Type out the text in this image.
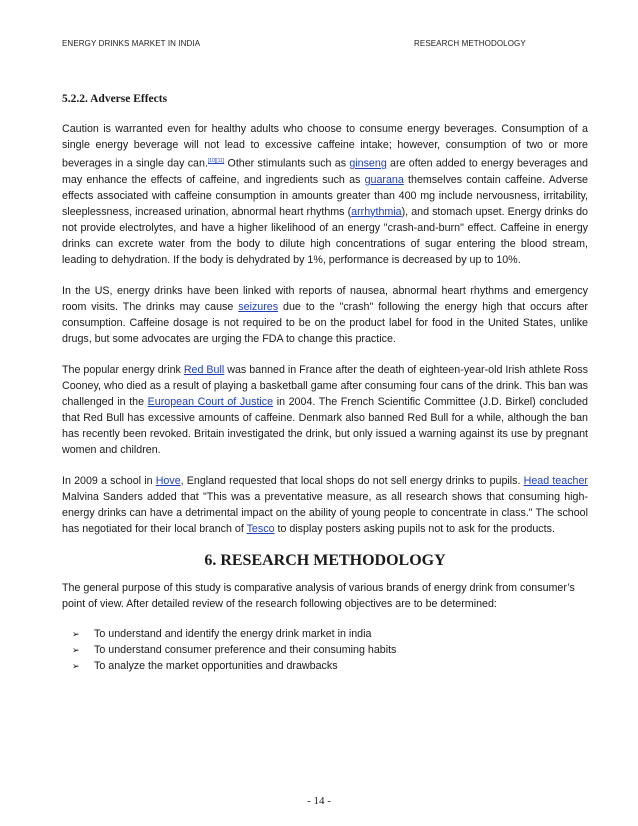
ENERGY DRINKS MARKET IN INDIA	RESEARCH METHODOLOGY
5.2.2. Adverse Effects

Caution is warranted even for healthy adults who choose to consume energy beverages. Consumption of a single energy beverage will not lead to excessive caffeine intake; however, consumption of two or more beverages in a single day can.[10][11] Other stimulants such as ginseng are often added to energy beverages and may enhance the effects of caffeine, and ingredients such as guarana themselves contain caffeine. Adverse effects associated with caffeine consumption in amounts greater than 400 mg include nervousness, irritability, sleeplessness, increased urination, abnormal heart rhythms (arrhythmia), and stomach upset. Energy drinks do not provide electrolytes, and have a higher likelihood of an energy "crash-and-burn" effect. Caffeine in energy drinks can excrete water from the body to dilute high concentrations of sugar entering the blood stream, leading to dehydration. If the body is dehydrated by 1%, performance is decreased by up to 10%.

In the US, energy drinks have been linked with reports of nausea, abnormal heart rhythms and emergency room visits. The drinks may cause seizures due to the "crash" following the energy high that occurs after consumption. Caffeine dosage is not required to be on the product label for food in the United States, unlike drugs, but some advocates are urging the FDA to change this practice.

The popular energy drink Red Bull was banned in France after the death of eighteen-year-old Irish athlete Ross Cooney, who died as a result of playing a basketball game after consuming four cans of the drink. This ban was challenged in the European Court of Justice in 2004. The French Scientific Committee (J.D. Birkel) concluded that Red Bull has excessive amounts of caffeine. Denmark also banned Red Bull for a while, although the ban has recently been revoked. Britain investigated the drink, but only issued a warning against its use by pregnant women and children.

In 2009 a school in Hove, England requested that local shops do not sell energy drinks to pupils. Head teacher Malvina Sanders added that "This was a preventative measure, as all research shows that consuming high-energy drinks can have a detrimental impact on the ability of young people to concentrate in class." The school has negotiated for their local branch of Tesco to display posters asking pupils not to ask for the products.

6. RESEARCH METHODOLOGY

The general purpose of this study is comparative analysis of various brands of energy drink from consumer’s point of view. After detailed review of the research following objectives are to be determined:

➢	To understand and identify the energy drink market in india
➢	To understand consumer preference and their consuming habits
➢	To analyze the market opportunities and drawbacks
- 14 -
